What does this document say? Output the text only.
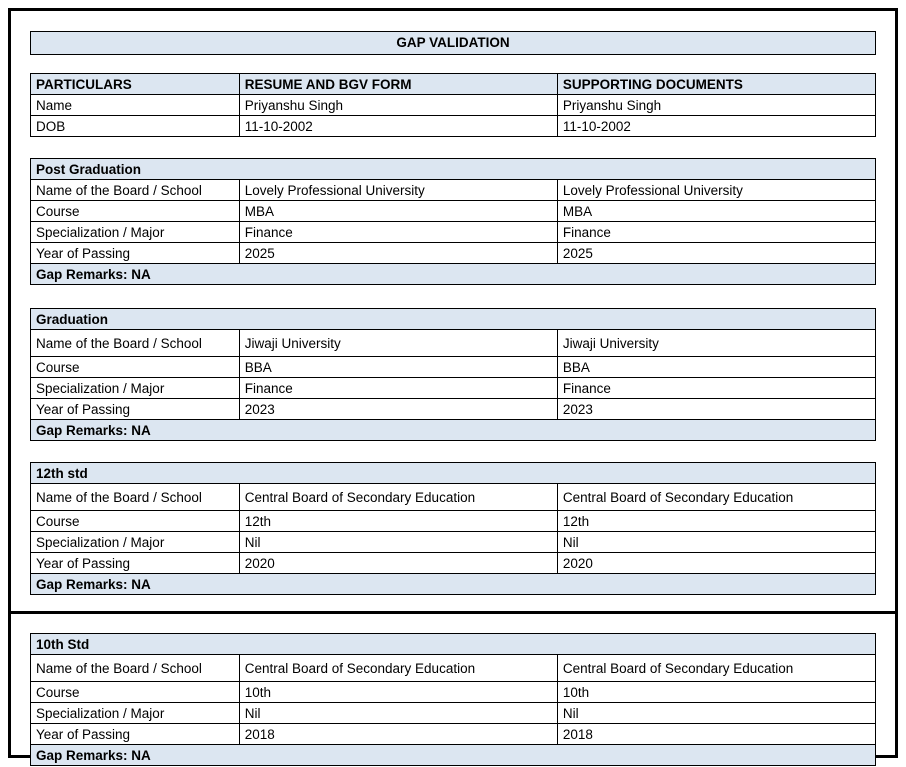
GAP VALIDATION
PARTICULARS	RESUME AND BGV FORM	SUPPORTING DOCUMENTS
Name	Priyanshu Singh	Priyanshu Singh
DOB	11-10-2002	11-10-2002
Post Graduation		
Name of the Board / School	Lovely Professional University	Lovely Professional University
Course	MBA	MBA
Specialization / Major	Finance	Finance
Year of Passing	2025	2025
Gap Remarks: NA		
Graduation		
Name of the Board / School	Jiwaji University	Jiwaji University
Course	BBA	BBA
Specialization / Major	Finance	Finance
Year of Passing	2023	2023
Gap Remarks: NA		
12th std		
Name of the Board / School	Central Board of Secondary Education	Central Board of Secondary Education
Course	12th	12th
Specialization / Major	Nil	Nil
Year of Passing	2020	2020
Gap Remarks: NA		
10th Std		
Name of the Board / School	Central Board of Secondary Education	Central Board of Secondary Education
Course	10th	10th
Specialization / Major	Nil	Nil
Year of Passing	2018	2018
Gap Remarks: NA		
